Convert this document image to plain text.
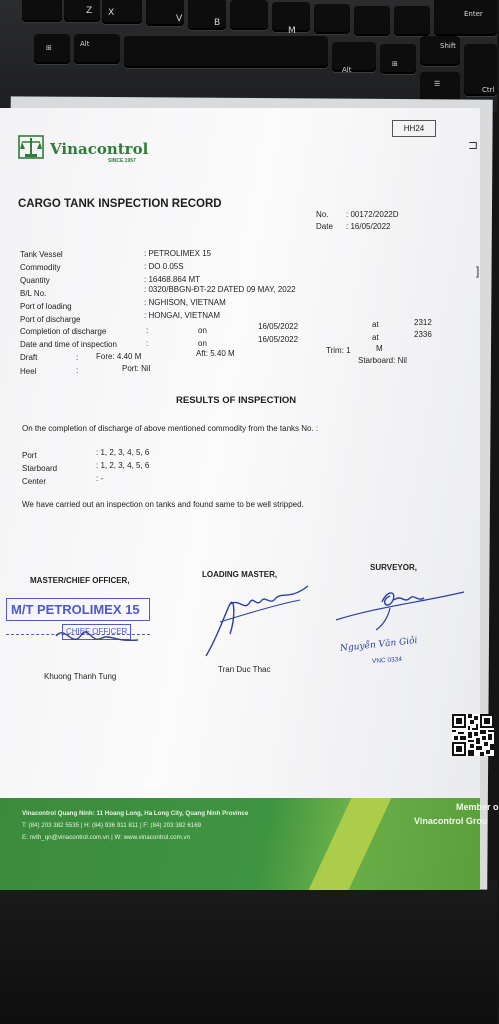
Z X
V	B
M
Enter
⊞	Alt
Alt
⊞
Shift
Ctrl
☰
HH24
⊐
]
Vinacontrol
SINCE 1957
CARGO TANK INSPECTION RECORD
No. : 00172/2022D
Date : 16/05/2022
Tank Vessel	: PETROLIMEX 15
Commodity	: DO 0.05S
Quantity	: 16468.864 MT
B/L No.	: 0320/BBGN-ĐT-22 DATED 09 MAY, 2022
Port of loading	: NGHISON, VIETNAM
Port of discharge	: HONGAI, VIETNAM
Completion of discharge	:	on	16/05/2022	at	2312
Date and time of inspection	:	on	16/05/2022	at	2336
Draft	: Fore: 4.40 M	Aft: 5.40 M	Trim: 1	M
Heel	:	Port: Nil
Starboard: Nil
RESULTS OF INSPECTION
On the completion of discharge of above mentioned commodity from the tanks No. :
Port	: 1, 2, 3, 4, 5, 6
Starboard	: 1, 2, 3, 4, 5, 6
Center	: -
We have carried out an inspection on tanks and found same to be well stripped.
MASTER/CHIEF OFFICER,
LOADING MASTER,
SURVEYOR,
M/T PETROLIMEX 15
CHIEF OFFICER
Nguyễn Văn Giỏi
VNC 0334
Khuong Thanh Tung
Tran Duc Thac
Vinacontrol Quang Ninh: 11 Hoang Long, Ha Long City, Quang Ninh Province
T: (84) 203 382 5535 | H: (84) 936 911 811 | F: (84) 203 382 6169
E: nvth_qn@vinacontrol.com.vn | W: www.vinacontrol.com.vn
Member o
Vinacontrol Grou
